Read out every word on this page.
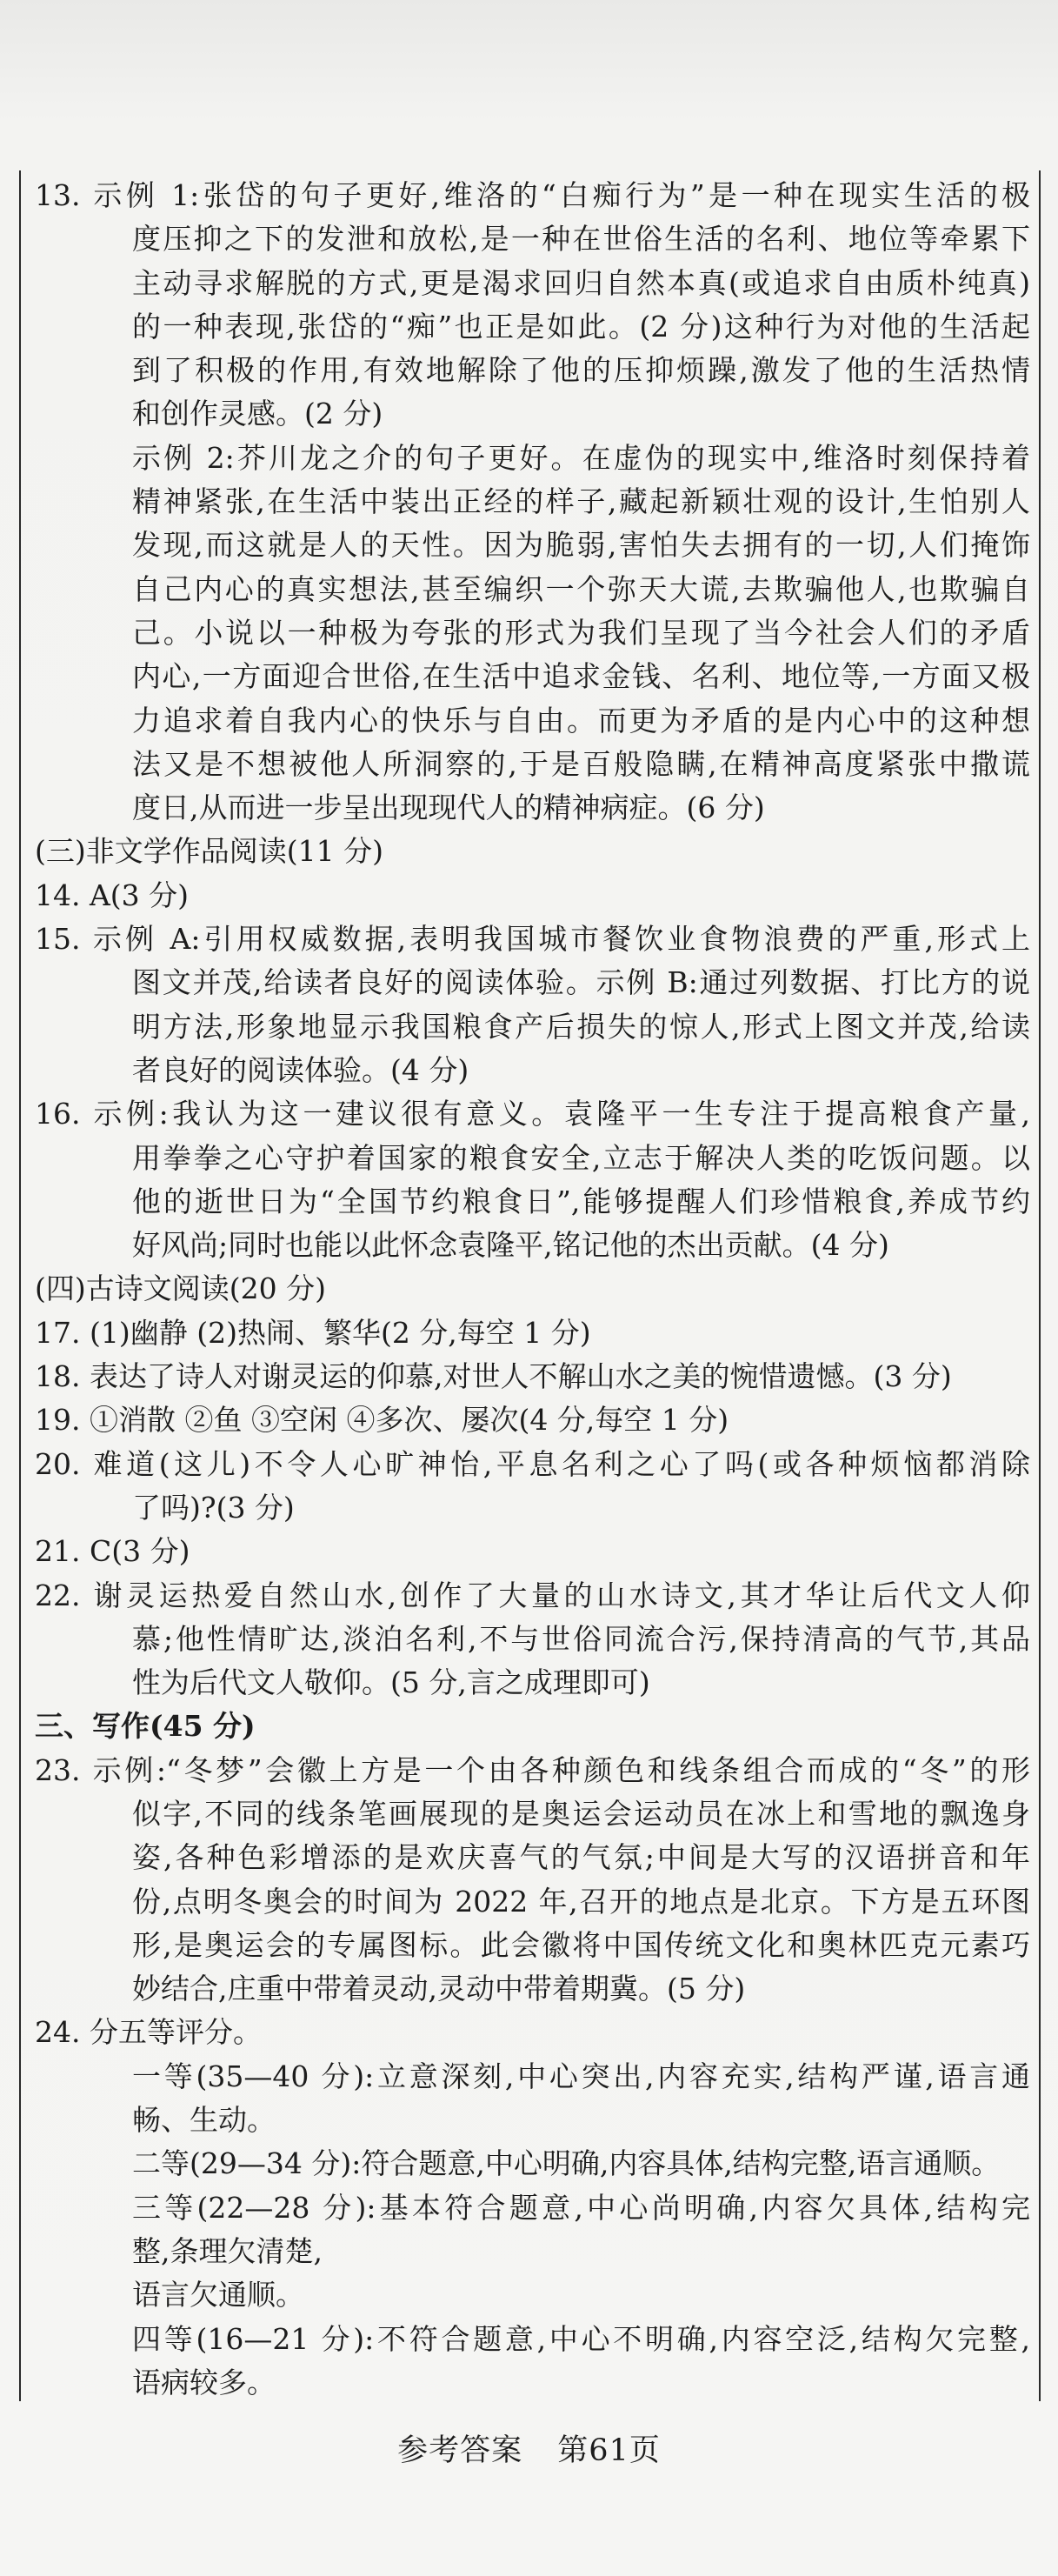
13. 示例 1:张岱的句子更好,维洛的“白痴行为”是一种在现实生活的极
度压抑之下的发泄和放松,是一种在世俗生活的名利、地位等牵累下
主动寻求解脱的方式,更是渴求回归自然本真(或追求自由质朴纯真)
的一种表现,张岱的“痴”也正是如此。(2 分)这种行为对他的生活起
到了积极的作用,有效地解除了他的压抑烦躁,激发了他的生活热情
和创作灵感。(2 分)
示例 2:芥川龙之介的句子更好。在虚伪的现实中,维洛时刻保持着
精神紧张,在生活中装出正经的样子,藏起新颖壮观的设计,生怕别人
发现,而这就是人的天性。因为脆弱,害怕失去拥有的一切,人们掩饰
自己内心的真实想法,甚至编织一个弥天大谎,去欺骗他人,也欺骗自
己。小说以一种极为夸张的形式为我们呈现了当今社会人们的矛盾
内心,一方面迎合世俗,在生活中追求金钱、名利、地位等,一方面又极
力追求着自我内心的快乐与自由。而更为矛盾的是内心中的这种想
法又是不想被他人所洞察的,于是百般隐瞒,在精神高度紧张中撒谎
度日,从而进一步呈出现现代人的精神病症。(6 分)
(三)非文学作品阅读(11 分)
14. A(3 分)
15. 示例 A:引用权威数据,表明我国城市餐饮业食物浪费的严重,形式上
图文并茂,给读者良好的阅读体验。示例 B:通过列数据、打比方的说
明方法,形象地显示我国粮食产后损失的惊人,形式上图文并茂,给读
者良好的阅读体验。(4 分)
16. 示例:我认为这一建议很有意义。袁隆平一生专注于提高粮食产量,
用拳拳之心守护着国家的粮食安全,立志于解决人类的吃饭问题。以
他的逝世日为“全国节约粮食日”,能够提醒人们珍惜粮食,养成节约
好风尚;同时也能以此怀念袁隆平,铭记他的杰出贡献。(4 分)
(四)古诗文阅读(20 分)
17. (1)幽静 (2)热闹、繁华(2 分,每空 1 分)
18. 表达了诗人对谢灵运的仰慕,对世人不解山水之美的惋惜遗憾。(3 分)
19. ①消散 ②鱼 ③空闲 ④多次、屡次(4 分,每空 1 分)
20. 难道(这儿)不令人心旷神怡,平息名利之心了吗(或各种烦恼都消除
了吗)?(3 分)
21. C(3 分)
22. 谢灵运热爱自然山水,创作了大量的山水诗文,其才华让后代文人仰
慕;他性情旷达,淡泊名利,不与世俗同流合污,保持清高的气节,其品
性为后代文人敬仰。(5 分,言之成理即可)
三、写作(45 分)
23. 示例:“冬梦”会徽上方是一个由各种颜色和线条组合而成的“冬”的形
似字,不同的线条笔画展现的是奥运会运动员在冰上和雪地的飘逸身
姿,各种色彩增添的是欢庆喜气的气氛;中间是大写的汉语拼音和年
份,点明冬奥会的时间为 2022 年,召开的地点是北京。下方是五环图
形,是奥运会的专属图标。此会徽将中国传统文化和奥林匹克元素巧
妙结合,庄重中带着灵动,灵动中带着期冀。(5 分)
24. 分五等评分。
一等(35—40 分):立意深刻,中心突出,内容充实,结构严谨,语言通
畅、生动。
二等(29—34 分):符合题意,中心明确,内容具体,结构完整,语言通顺。
三等(22—28 分):基本符合题意,中心尚明确,内容欠具体,结构完
整,条理欠清楚,
语言欠通顺。
四等(16—21 分):不符合题意,中心不明确,内容空泛,结构欠完整,
语病较多。
参考答案 第61页
